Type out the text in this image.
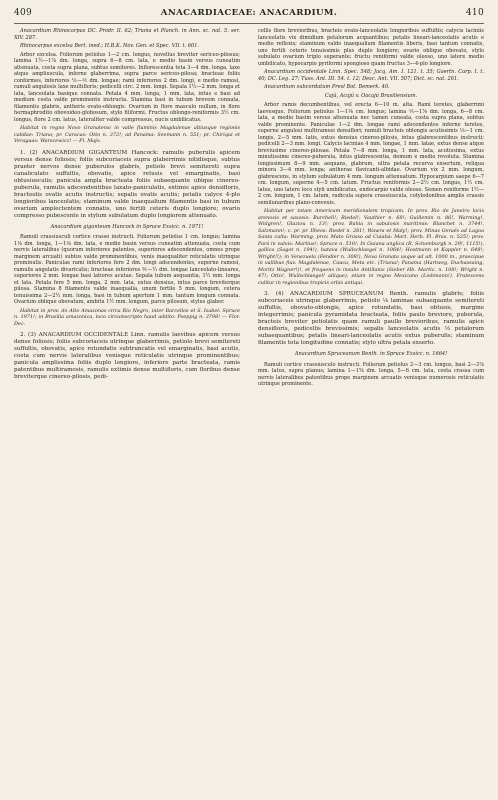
409	ANACARDIACEAE: ANACARDIUM.	410

Anacardium Rhinocarpus DC. Prodr. II. 62; Triana et Planch. in Ann. sc. nat. 5. ser. XIV. 287.

Rhinocarpus excelsa Bert. ined.; H.B.K. Nov. Gen. et Spec. VII. t. 601.

Arbor excelsa. Foliorum petiolus 1—2 cm. longus, novellus breviter sericeo-pilosus; lamina 1½—1⅞ dm. longa, supra 6—8 cm. lata, e medio basin versus cuneatim attenuata, costa supra plana, subtus semiteres. Inflorescentia tota 3—4 dm. longa, laxe atque ampliusculа, inferne glaberrima, supra parce sericeo-pilosa; bracteae foliis conformes, inferiores ⅙—⅕ dm. longae; rami inferiores 2 dm. longi, e medio ramosi, ramuli angulosis laxe multifloris; pedicelli circ. 2 mm. longi. Sepala 1½—2 mm. longa et lata, lanceolata basique connata. Petala 4 mm. longa, 1 mm. lata, intus e basi ad medium costa valde prominente instructa. Stamina basi in tubum brevem connata, filamentis glabris, antheris ovato-oblongis. Ovarium in flore masculo nullum, in flore hermaphrodito obovoideo-globosum, stylo filiformi. Fructus oblongo-reniformis 3½ cm. longus, flore 2 cm. latus, lateraliter valde compressus, nucis umbilicatus.

Habitat in regno Novo Granatensi in valle fluminis Magdalenae altiusque regionis calidae: Triana; pr. Caracas: Otto n. 372!; ad Panama: Seemann n. 551; pr. Chiriqui et Veraguas: Warscewicz! — Fl. Majo.

1. (2) ANACARDIUM GIGANTEUM Hancock: ramulis puberulis apicem versus densе foliosis; foliis subcoriaceis supra glaberrimis nitidisque, subtus praeter nervos dense puberulos glabris, petiolo brevi semiteretі supra canaliculato suffultis, obovatis, apice retusis vel emarginatis, basi obtusiusculis; panicula ampla bracteata foliis subaequante ubique cinereo-puberula, ramulis adscendentibus laxato-paniculatis, extimis apice densifloris, bracteolis ovatis acutis instructis; sepalis ovatis acutis; petalis calyce 4-plo longioribus lanceolatis; staminum valde inaequalium filamentis basi in tubum ovarium amplectentem connatis, uno fertili ceteris duplo longiore; ovario compresso pubescente in stylum subulatum duplo longiorem attenuato.

Anacardium giganteum Hancock in Spruce Exsicc. n. 1971!

Ramuli crassiusculi cortice crasso instructi. Foliorum petiolus 1 cm. longus; lamina 1⅛ dm. longa, 1—1⅛ dm. lata, e medio basin versus cuneatim attenuata, costa cum nervis lateralibus (quorum inferiores patentes, superiores adscendentes, omnes prope marginem arcuati) subtus valde prominentibus, venis inaequaliter reticulatis utrinque prominulis. Paniculae rami inferiores fere 2 dm. longi adscendentes, superne ramosi, ramulis angulatis divaricatis; bracteae inferiores ⅖—½ dm. longae lanceolato-lineares, superiores 2 mm. longae basi latiores acutae. Sepala tubum aequantia, 1½ mm. longa et lata. Petala fere 5 mm. longa, 2 mm. lata, extus densius, intus parce breviterque pilosa. Stamina 8 filamentis valde inaequalia, unum fertile 5 mm. longum, cetera tenuissima 2—2½ mm. longa, basi in tubum apertum 1 mm. tantum longum connata. Ovarium obliquе obovatum, ambitu 1½ mm. longum, parce pilosum, stylus glaber.

Habitat in prov. do Alto Amazonas circa Rio Negro, inter Barcellos et S. Isabel: Spruce n. 1971!; in Brasilia amazonica, loco circumscripto haud addito: Poeppig n. 3798! — Flor. Dec.

2. (3) ANACARDIUM OCCIDENTALE Linn. ramulis laevibus apicem versus dense foliosis; foliis subcoriaceis utrinque glaberrimis, petiolo brevi semiteretі suffultis, obovatis, apice rotundatis subtruncatis vel emarginatis, basi acutis, costa cum nervis lateralibus venisque reticulatis utrinque prominentibus; panicula amplissima foliis duplo longiore, inferiore parte bracteata, ramis patentibus multiramosis, ramulis extimis dense multifloris, cum floribus dense breviterque cinereo-pilosis, pedi-

cellis flore brevioribus, bracteis ovato-lanceolatis longioribus suffultis; calycis laciniis lanceolatis vix dimidium petalorum acquantibus; petalis lineari-lanceolatis acutis e medio reflexis; staminum valde inaequalium filamentis liberis, basi tantum connatis, uno fertili ceteris tenuissimis plus duplo longiore; ovario oblique obovato, stylo subulato ovarium triplo superante; fructu reniformi valde oleoso, uno latere medio umbilicato, hypocarpio pyriformi spongioso quam fructus 3—4-plo longiore.

Anacardium occidentale Linn. Spec. 548; Jacq. Am. I. 121. t. 35; Gaertn. Carp. I. t. 40; DC. Leg. 27; Tuss. Ant. III. 54. t. 12; Desc. Ant. VII. 507; Dict. sc. nat. 261.

Anacardium subcordatum Presl Bot. Bemerk. 40.

Cajú, Acajú v. Oacajú Brasiliensium.

Arbor ramis decumbentibus, vel erecta 6—10 m. alta. Rami teretes, glaberrimi laevesque. Foliorum petiolus 1—1⅛ cm. longus; lamina ⅕—1⅞ dm. longa, 6—8 cm. lata, a medio basim versus attenuata nec tamen cuneata, costa supra plana, subtus valde prominente. Paniculae 1—2 dm. longae rami adscendentes inferne teretes, superne angulosi multiramosi densiflori; ramuli bracteis oblongis acutissimis ⅓—1 cm. longis, 2—5 mm. latis, extus densius cinereo-pilosis, intus glabrescentibus instructi; pedicelli 2—3 mm. longi. Calycis laciniae 4 mm. longae, 1 mm. latae, extus dense atque breviusime cinereo-pilosae. Petala 7—8 mm. longa, 1 mm. lata, acutissima, extus minutissime cinereo-puberula, intus glabrescentia, demum e medio revoluta. Stamina longissimum 8—9 mm. aequans, glabrum, ultra petala recurva exsertum, reliqua minora 3—4 mm. longa; antherae flavicanti-albidae. Ovarium vix 2 mm. longum, glabrescens, in stylum subulatum 4 mm. longum attenuatum. Hypocarpium saepe 6—7 cm. longum, superne 4—5 cm. latum. Fructus reniformis 2—2½ cm. longus, 1½ cm. latus, uno latere loco styli umbilicatus, endocarpio valde oleoso. Semen reniforme 1½—2 cm. longum, 1 cm. latum, radicula supera crassiusculа, cotyledonibus amplis crassis semilunaribus plano-convexis.

Habitat per totam Americam meridionalem tropicam. In prov. Rio de Janeiro locis arenosis et saxosis: Burchell!; Riedel!; Vauthier n. 68!; Guillemin n. 86!, Warming!, Widgren!, Glaziou n. 13!; prov. Bahia in sabulosis maritimis: Blanchet n. 3744!, Salzmann!; c. pr. pr. Ilheos: Riedel n. 281!, Wawra et Maly!; prov. Minas Geraës ad Lagoa Santa culta: Warming; prov. Mato Grosso ad Cuiabá: Mart. Herb. Fl. Bras. n. 525!; prov. Pará in vulvis: Martius!; Spruce n. 510!; In Guiana anglica (R. Schomburgk n. 29!, 1115!), gallica (Sagot n. 194!), batava (Wullschlaegel n. 1064!; Hostmann et Kappler n. 648!; Wright!!); in Venezuela (Fendler n. 308!), Nova Granata usque ad alt. 1000 m., praecipue in vallibus fluv. Magdalenae, Cauca, Meta etc. (Triana!; Panama (Hartweg, Duchassaing, Moritz Wagner!)!, et frequens in insulis Antillanis (Sieber Hb. Martic. n. 108!; Wright n. 47!; Otto!, Wullschlaegel! aliique), etiam in regno Mexicano (Liebmann!). Frutescens culitur in regionibus tropicis orbis antiqui.

3. (4) ANACARDIUM SPRUCEANUM Benth. ramulis glabris; foliis subcoriaceis utrinque glaberrimis, petiolo ⅛ laminae subaequante semiteretі suffultis, obovato-oblongis, apice rotundatis, basi obtusis, margine integerrimis; panicula pyramidata bracteata, foliis paulo breviore, puberula, bracteis breviter petiolatis quam ramuli paullo brevioribus, ramulis apice densifloris, pedicellis brevissimis; sepalis lanceolatis acutis ⅓ petalorum subaequantibus; petalis lineari-lanceolatis acutis extus puberulis; staminum filamentis tota longitudine connatis; stylo ultra petala exserto.

Anacardium Spruceanum Benth. in Spruce Exsicc. n. 1664!

Ramuli cortice crassiusculo instructi. Foliorum petiolus 2—3 cm. longus, basi 2—3⅞ mm. latus, supra planus; lamina 1—1⅝ dm. longa, 5—6 cm. lata, costa crassa cum nervis lateralibus patentibus prope marginem arcuatis venisque numerosis reticulatis utrinque prominentе.
